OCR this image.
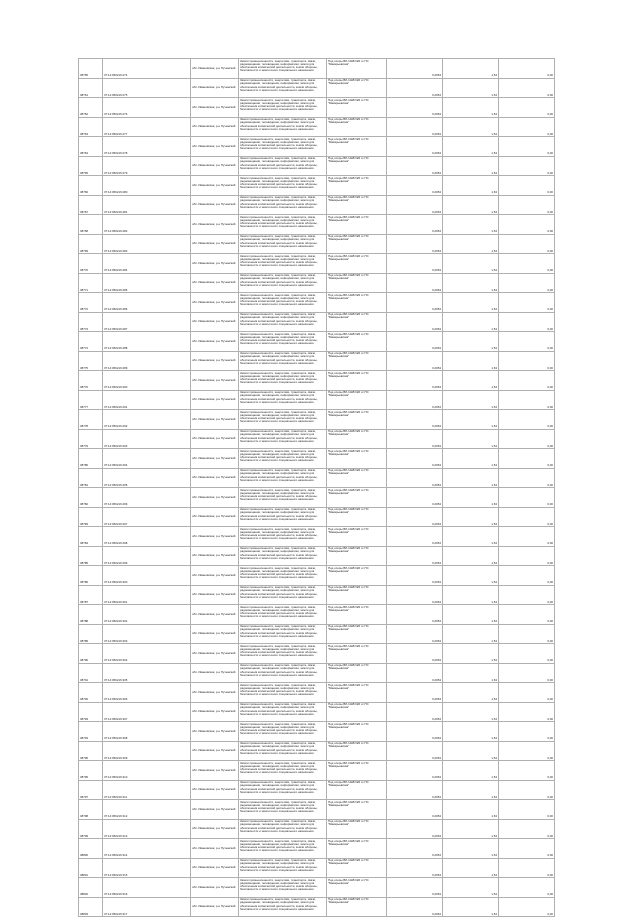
38755	37:14:050216:274	обл. Ивановская, р-н Пучежский	Земли промышленности, энергетики, транспорта, связи, радиовещания, телевидения, информатики, земли для обеспечения космической деятельности, земли обороны, безопасности и земли иного специального назначения	Под опоры ВЛ-10кВ №5 от ПС "Макарьевская"	0,0054	1,54	0,00
38761	37:14:050216:275	обл. Ивановская, р-н Пучежский	Земли промышленности, энергетики, транспорта, связи, радиовещания, телевидения, информатики, земли для обеспечения космической деятельности, земли обороны, безопасности и земли иного специального назначения	Под опоры ВЛ-10кВ №5 от ПС "Макарьевская"	0,0054	1,54	0,00
38762	37:14:050216:276	обл. Ивановская, р-н Пучежский	Земли промышленности, энергетики, транспорта, связи, радиовещания, телевидения, информатики, земли для обеспечения космической деятельности, земли обороны, безопасности и земли иного специального назначения	Под опоры ВЛ-10кВ №5 от ПС "Макарьевская"	0,0054	1,54	0,00
38763	37:14:050216:277	обл. Ивановская, р-н Пучежский	Земли промышленности, энергетики, транспорта, связи, радиовещания, телевидения, информатики, земли для обеспечения космической деятельности, земли обороны, безопасности и земли иного специального назначения	Под опоры ВЛ-10кВ №5 от ПС "Макарьевская"	0,0054	1,54	0,00
38764	37:14:050216:278	обл. Ивановская, р-н Пучежский	Земли промышленности, энергетики, транспорта, связи, радиовещания, телевидения, информатики, земли для обеспечения космической деятельности, земли обороны, безопасности и земли иного специального назначения	Под опоры ВЛ-10кВ №5 от ПС "Макарьевская"	0,0054	1,54	0,00
38765	37:14:050216:279	обл. Ивановская, р-н Пучежский	Земли промышленности, энергетики, транспорта, связи, радиовещания, телевидения, информатики, земли для обеспечения космической деятельности, земли обороны, безопасности и земли иного специального назначения	Под опоры ВЛ-10кВ №5 от ПС "Макарьевская"	0,0054	1,54	0,00
38766	37:14:050216:280	обл. Ивановская, р-н Пучежский	Земли промышленности, энергетики, транспорта, связи, радиовещания, телевидения, информатики, земли для обеспечения космической деятельности, земли обороны, безопасности и земли иного специального назначения	Под опоры ВЛ-10кВ №5 от ПС "Макарьевская"	0,0054	1,54	0,00
38767	37:14:050216:281	обл. Ивановская, р-н Пучежский	Земли промышленности, энергетики, транспорта, связи, радиовещания, телевидения, информатики, земли для обеспечения космической деятельности, земли обороны, безопасности и земли иного специального назначения	Под опоры ВЛ-10кВ №5 от ПС "Макарьевская"	0,0054	1,54	0,00
38768	37:14:050216:282	обл. Ивановская, р-н Пучежский	Земли промышленности, энергетики, транспорта, связи, радиовещания, телевидения, информатики, земли для обеспечения космической деятельности, земли обороны, безопасности и земли иного специального назначения	Под опоры ВЛ-10кВ №5 от ПС "Макарьевская"	0,0054	1,54	0,00
38769	37:14:050216:283	обл. Ивановская, р-н Пучежский	Земли промышленности, энергетики, транспорта, связи, радиовещания, телевидения, информатики, земли для обеспечения космической деятельности, земли обороны, безопасности и земли иного специального назначения	Под опоры ВЛ-10кВ №5 от ПС "Макарьевская"	0,0054	1,54	0,00
38770	37:14:050216:284	обл. Ивановская, р-н Пучежский	Земли промышленности, энергетики, транспорта, связи, радиовещания, телевидения, информатики, земли для обеспечения космической деятельности, земли обороны, безопасности и земли иного специального назначения	Под опоры ВЛ-10кВ №5 от ПС "Макарьевская"	0,0054	1,54	0,00
38771	37:14:050216:285	обл. Ивановская, р-н Пучежский	Земли промышленности, энергетики, транспорта, связи, радиовещания, телевидения, информатики, земли для обеспечения космической деятельности, земли обороны, безопасности и земли иного специального назначения	Под опоры ВЛ-10кВ №5 от ПС "Макарьевская"	0,0054	1,54	0,00
38772	37:14:050216:286	обл. Ивановская, р-н Пучежский	Земли промышленности, энергетики, транспорта, связи, радиовещания, телевидения, информатики, земли для обеспечения космической деятельности, земли обороны, безопасности и земли иного специального назначения	Под опоры ВЛ-10кВ №5 от ПС "Макарьевская"	0,0054	1,54	0,00
38773	37:14:050216:287	обл. Ивановская, р-н Пучежский	Земли промышленности, энергетики, транспорта, связи, радиовещания, телевидения, информатики, земли для обеспечения космической деятельности, земли обороны, безопасности и земли иного специального назначения	Под опоры ВЛ-10кВ №5 от ПС "Макарьевская"	0,0054	1,54	0,00
38774	37:14:050216:288	обл. Ивановская, р-н Пучежский	Земли промышленности, энергетики, транспорта, связи, радиовещания, телевидения, информатики, земли для обеспечения космической деятельности, земли обороны, безопасности и земли иного специального назначения	Под опоры ВЛ-10кВ №5 от ПС "Макарьевская"	0,0054	1,54	0,00
38775	37:14:050216:289	обл. Ивановская, р-н Пучежский	Земли промышленности, энергетики, транспорта, связи, радиовещания, телевидения, информатики, земли для обеспечения космической деятельности, земли обороны, безопасности и земли иного специального назначения	Под опоры ВЛ-10кВ №5 от ПС "Макарьевская"	0,0054	1,54	0,00
38776	37:14:050216:290	обл. Ивановская, р-н Пучежский	Земли промышленности, энергетики, транспорта, связи, радиовещания, телевидения, информатики, земли для обеспечения космической деятельности, земли обороны, безопасности и земли иного специального назначения	Под опоры ВЛ-10кВ №5 от ПС "Макарьевская"	0,0054	1,54	0,00
38777	37:14:050216:291	обл. Ивановская, р-н Пучежский	Земли промышленности, энергетики, транспорта, связи, радиовещания, телевидения, информатики, земли для обеспечения космической деятельности, земли обороны, безопасности и земли иного специального назначения	Под опоры ВЛ-10кВ №5 от ПС "Макарьевская"	0,0054	1,54	0,00
38778	37:14:050216:292	обл. Ивановская, р-н Пучежский	Земли промышленности, энергетики, транспорта, связи, радиовещания, телевидения, информатики, земли для обеспечения космической деятельности, земли обороны, безопасности и земли иного специального назначения	Под опоры ВЛ-10кВ №5 от ПС "Макарьевская"	0,0054	1,54	0,00
38779	37:14:050216:293	обл. Ивановская, р-н Пучежский	Земли промышленности, энергетики, транспорта, связи, радиовещания, телевидения, информатики, земли для обеспечения космической деятельности, земли обороны, безопасности и земли иного специального назначения	Под опоры ВЛ-10кВ №5 от ПС "Макарьевская"	0,0054	1,54	0,00
38780	37:14:050216:294	обл. Ивановская, р-н Пучежский	Земли промышленности, энергетики, транспорта, связи, радиовещания, телевидения, информатики, земли для обеспечения космической деятельности, земли обороны, безопасности и земли иного специального назначения	Под опоры ВЛ-10кВ №5 от ПС "Макарьевская"	0,0054	1,54	0,00
38781	37:14:050216:295	обл. Ивановская, р-н Пучежский	Земли промышленности, энергетики, транспорта, связи, радиовещания, телевидения, информатики, земли для обеспечения космической деятельности, земли обороны, безопасности и земли иного специального назначения	Под опоры ВЛ-10кВ №5 от ПС "Макарьевская"	0,0054	1,54	0,00
38782	37:14:050216:296	обл. Ивановская, р-н Пучежский	Земли промышленности, энергетики, транспорта, связи, радиовещания, телевидения, информатики, земли для обеспечения космической деятельности, земли обороны, безопасности и земли иного специального назначения	Под опоры ВЛ-10кВ №5 от ПС "Макарьевская"	0,0054	1,54	0,00
38783	37:14:050216:297	обл. Ивановская, р-н Пучежский	Земли промышленности, энергетики, транспорта, связи, радиовещания, телевидения, информатики, земли для обеспечения космической деятельности, земли обороны, безопасности и земли иного специального назначения	Под опоры ВЛ-10кВ №5 от ПС "Макарьевская"	0,0054	1,54	0,00
38784	37:14:050216:298	обл. Ивановская, р-н Пучежский	Земли промышленности, энергетики, транспорта, связи, радиовещания, телевидения, информатики, земли для обеспечения космической деятельности, земли обороны, безопасности и земли иного специального назначения	Под опоры ВЛ-10кВ №5 от ПС "Макарьевская"	0,0054	1,54	0,00
38785	37:14:050216:299	обл. Ивановская, р-н Пучежский	Земли промышленности, энергетики, транспорта, связи, радиовещания, телевидения, информатики, земли для обеспечения космической деятельности, земли обороны, безопасности и земли иного специального назначения	Под опоры ВЛ-10кВ №5 от ПС "Макарьевская"	0,0054	1,54	0,00
38786	37:14:050216:300	обл. Ивановская, р-н Пучежский	Земли промышленности, энергетики, транспорта, связи, радиовещания, телевидения, информатики, земли для обеспечения космической деятельности, земли обороны, безопасности и земли иного специального назначения	Под опоры ВЛ-10кВ №5 от ПС "Макарьевская"	0,0054	1,54	0,00
38787	37:14:050216:301	обл. Ивановская, р-н Пучежский	Земли промышленности, энергетики, транспорта, связи, радиовещания, телевидения, информатики, земли для обеспечения космической деятельности, земли обороны, безопасности и земли иного специального назначения	Под опоры ВЛ-10кВ №5 от ПС "Макарьевская"	0,0054	1,54	0,00
38788	37:14:050216:302	обл. Ивановская, р-н Пучежский	Земли промышленности, энергетики, транспорта, связи, радиовещания, телевидения, информатики, земли для обеспечения космической деятельности, земли обороны, безопасности и земли иного специального назначения	Под опоры ВЛ-10кВ №5 от ПС "Макарьевская"	0,0054	1,54	0,00
38789	37:14:050216:303	обл. Ивановская, р-н Пучежский	Земли промышленности, энергетики, транспорта, связи, радиовещания, телевидения, информатики, земли для обеспечения космической деятельности, земли обороны, безопасности и земли иного специального назначения	Под опоры ВЛ-10кВ №5 от ПС "Макарьевская"	0,0054	1,54	0,00
38790	37:14:050216:304	обл. Ивановская, р-н Пучежский	Земли промышленности, энергетики, транспорта, связи, радиовещания, телевидения, информатики, земли для обеспечения космической деятельности, земли обороны, безопасности и земли иного специального назначения	Под опоры ВЛ-10кВ №5 от ПС "Макарьевская"	0,0054	1,54	0,00
38791	37:14:050216:305	обл. Ивановская, р-н Пучежский	Земли промышленности, энергетики, транспорта, связи, радиовещания, телевидения, информатики, земли для обеспечения космической деятельности, земли обороны, безопасности и земли иного специального назначения	Под опоры ВЛ-10кВ №5 от ПС "Макарьевская"	0,0054	1,54	0,00
38792	37:14:050216:306	обл. Ивановская, р-н Пучежский	Земли промышленности, энергетики, транспорта, связи, радиовещания, телевидения, информатики, земли для обеспечения космической деятельности, земли обороны, безопасности и земли иного специального назначения	Под опоры ВЛ-10кВ №5 от ПС "Макарьевская"	0,0054	1,54	0,00
38793	37:14:050216:307	обл. Ивановская, р-н Пучежский	Земли промышленности, энергетики, транспорта, связи, радиовещания, телевидения, информатики, земли для обеспечения космической деятельности, земли обороны, безопасности и земли иного специального назначения	Под опоры ВЛ-10кВ №5 от ПС "Макарьевская"	0,0054	1,54	0,00
38794	37:14:050216:308	обл. Ивановская, р-н Пучежский	Земли промышленности, энергетики, транспорта, связи, радиовещания, телевидения, информатики, земли для обеспечения космической деятельности, земли обороны, безопасности и земли иного специального назначения	Под опоры ВЛ-10кВ №5 от ПС "Макарьевская"	0,0054	1,54	0,00
38795	37:14:050216:309	обл. Ивановская, р-н Пучежский	Земли промышленности, энергетики, транспорта, связи, радиовещания, телевидения, информатики, земли для обеспечения космической деятельности, земли обороны, безопасности и земли иного специального назначения	Под опоры ВЛ-10кВ №5 от ПС "Макарьевская"	0,0054	1,54	0,00
38796	37:14:050216:310	обл. Ивановская, р-н Пучежский	Земли промышленности, энергетики, транспорта, связи, радиовещания, телевидения, информатики, земли для обеспечения космической деятельности, земли обороны, безопасности и земли иного специального назначения	Под опоры ВЛ-10кВ №5 от ПС "Макарьевская"	0,0054	1,54	0,00
38797	37:14:050216:311	обл. Ивановская, р-н Пучежский	Земли промышленности, энергетики, транспорта, связи, радиовещания, телевидения, информатики, земли для обеспечения космической деятельности, земли обороны, безопасности и земли иного специального назначения	Под опоры ВЛ-10кВ №5 от ПС "Макарьевская"	0,0054	1,54	0,00
38798	37:14:050216:312	обл. Ивановская, р-н Пучежский	Земли промышленности, энергетики, транспорта, связи, радиовещания, телевидения, информатики, земли для обеспечения космической деятельности, земли обороны, безопасности и земли иного специального назначения	Под опоры ВЛ-10кВ №5 от ПС "Макарьевская"	0,0054	1,54	0,00
38799	37:14:050216:313	обл. Ивановская, р-н Пучежский	Земли промышленности, энергетики, транспорта, связи, радиовещания, телевидения, информатики, земли для обеспечения космической деятельности, земли обороны, безопасности и земли иного специального назначения	Под опоры ВЛ-10кВ №5 от ПС "Макарьевская"	0,0054	1,54	0,00
38800	37:14:050216:314	обл. Ивановская, р-н Пучежский	Земли промышленности, энергетики, транспорта, связи, радиовещания, телевидения, информатики, земли для обеспечения космической деятельности, земли обороны, безопасности и земли иного специального назначения	Под опоры ВЛ-10кВ №5 от ПС "Макарьевская"	0,0054	1,54	0,00
38801	37:14:050216:315	обл. Ивановская, р-н Пучежский	Земли промышленности, энергетики, транспорта, связи, радиовещания, телевидения, информатики, земли для обеспечения космической деятельности, земли обороны, безопасности и земли иного специального назначения	Под опоры ВЛ-10кВ №5 от ПС "Макарьевская"	0,0054	1,54	0,00
38802	37:14:050216:316	обл. Ивановская, р-н Пучежский	Земли промышленности, энергетики, транспорта, связи, радиовещания, телевидения, информатики, земли для обеспечения космической деятельности, земли обороны, безопасности и земли иного специального назначения	Под опоры ВЛ-10кВ №5 от ПС "Макарьевская"	0,0054	1,54	0,00
38803	37:14:050216:317	обл. Ивановская, р-н Пучежский	Земли промышленности, энергетики, транспорта, связи, радиовещания, телевидения, информатики, земли для обеспечения космической деятельности, земли обороны, безопасности и земли иного специального назначения	Под опоры ВЛ-10кВ №5 от ПС "Макарьевская"	0,0054	1,54	0,00
